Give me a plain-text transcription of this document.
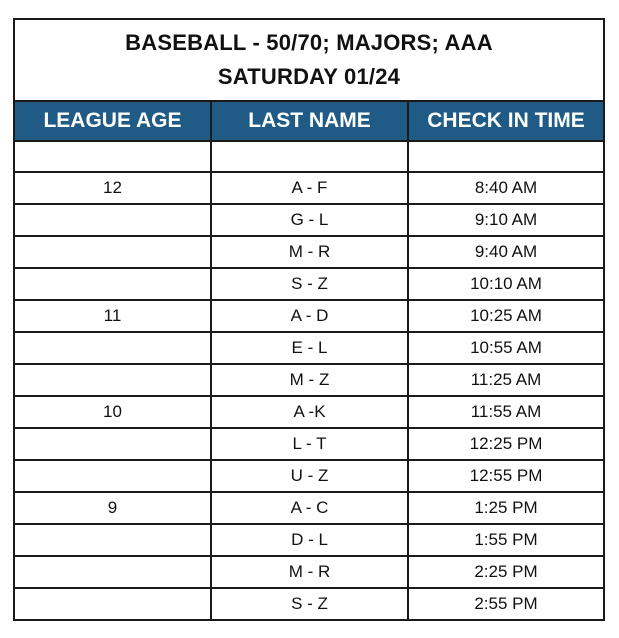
BASEBALL - 50/70; MAJORS; AAA
SATURDAY 01/24
LEAGUE AGE	LAST NAME	CHECK IN TIME

12	A - F	8:40 AM
	G - L	9:10 AM
	M - R	9:40 AM
	S - Z	10:10 AM
11	A - D	10:25 AM
	E - L	10:55 AM
	M - Z	11:25 AM
10	A -K	11:55 AM
	L - T	12:25 PM
	U - Z	12:55 PM
9	A - C	1:25 PM
	D - L	1:55 PM
	M - R	2:25 PM
	S - Z	2:55 PM
